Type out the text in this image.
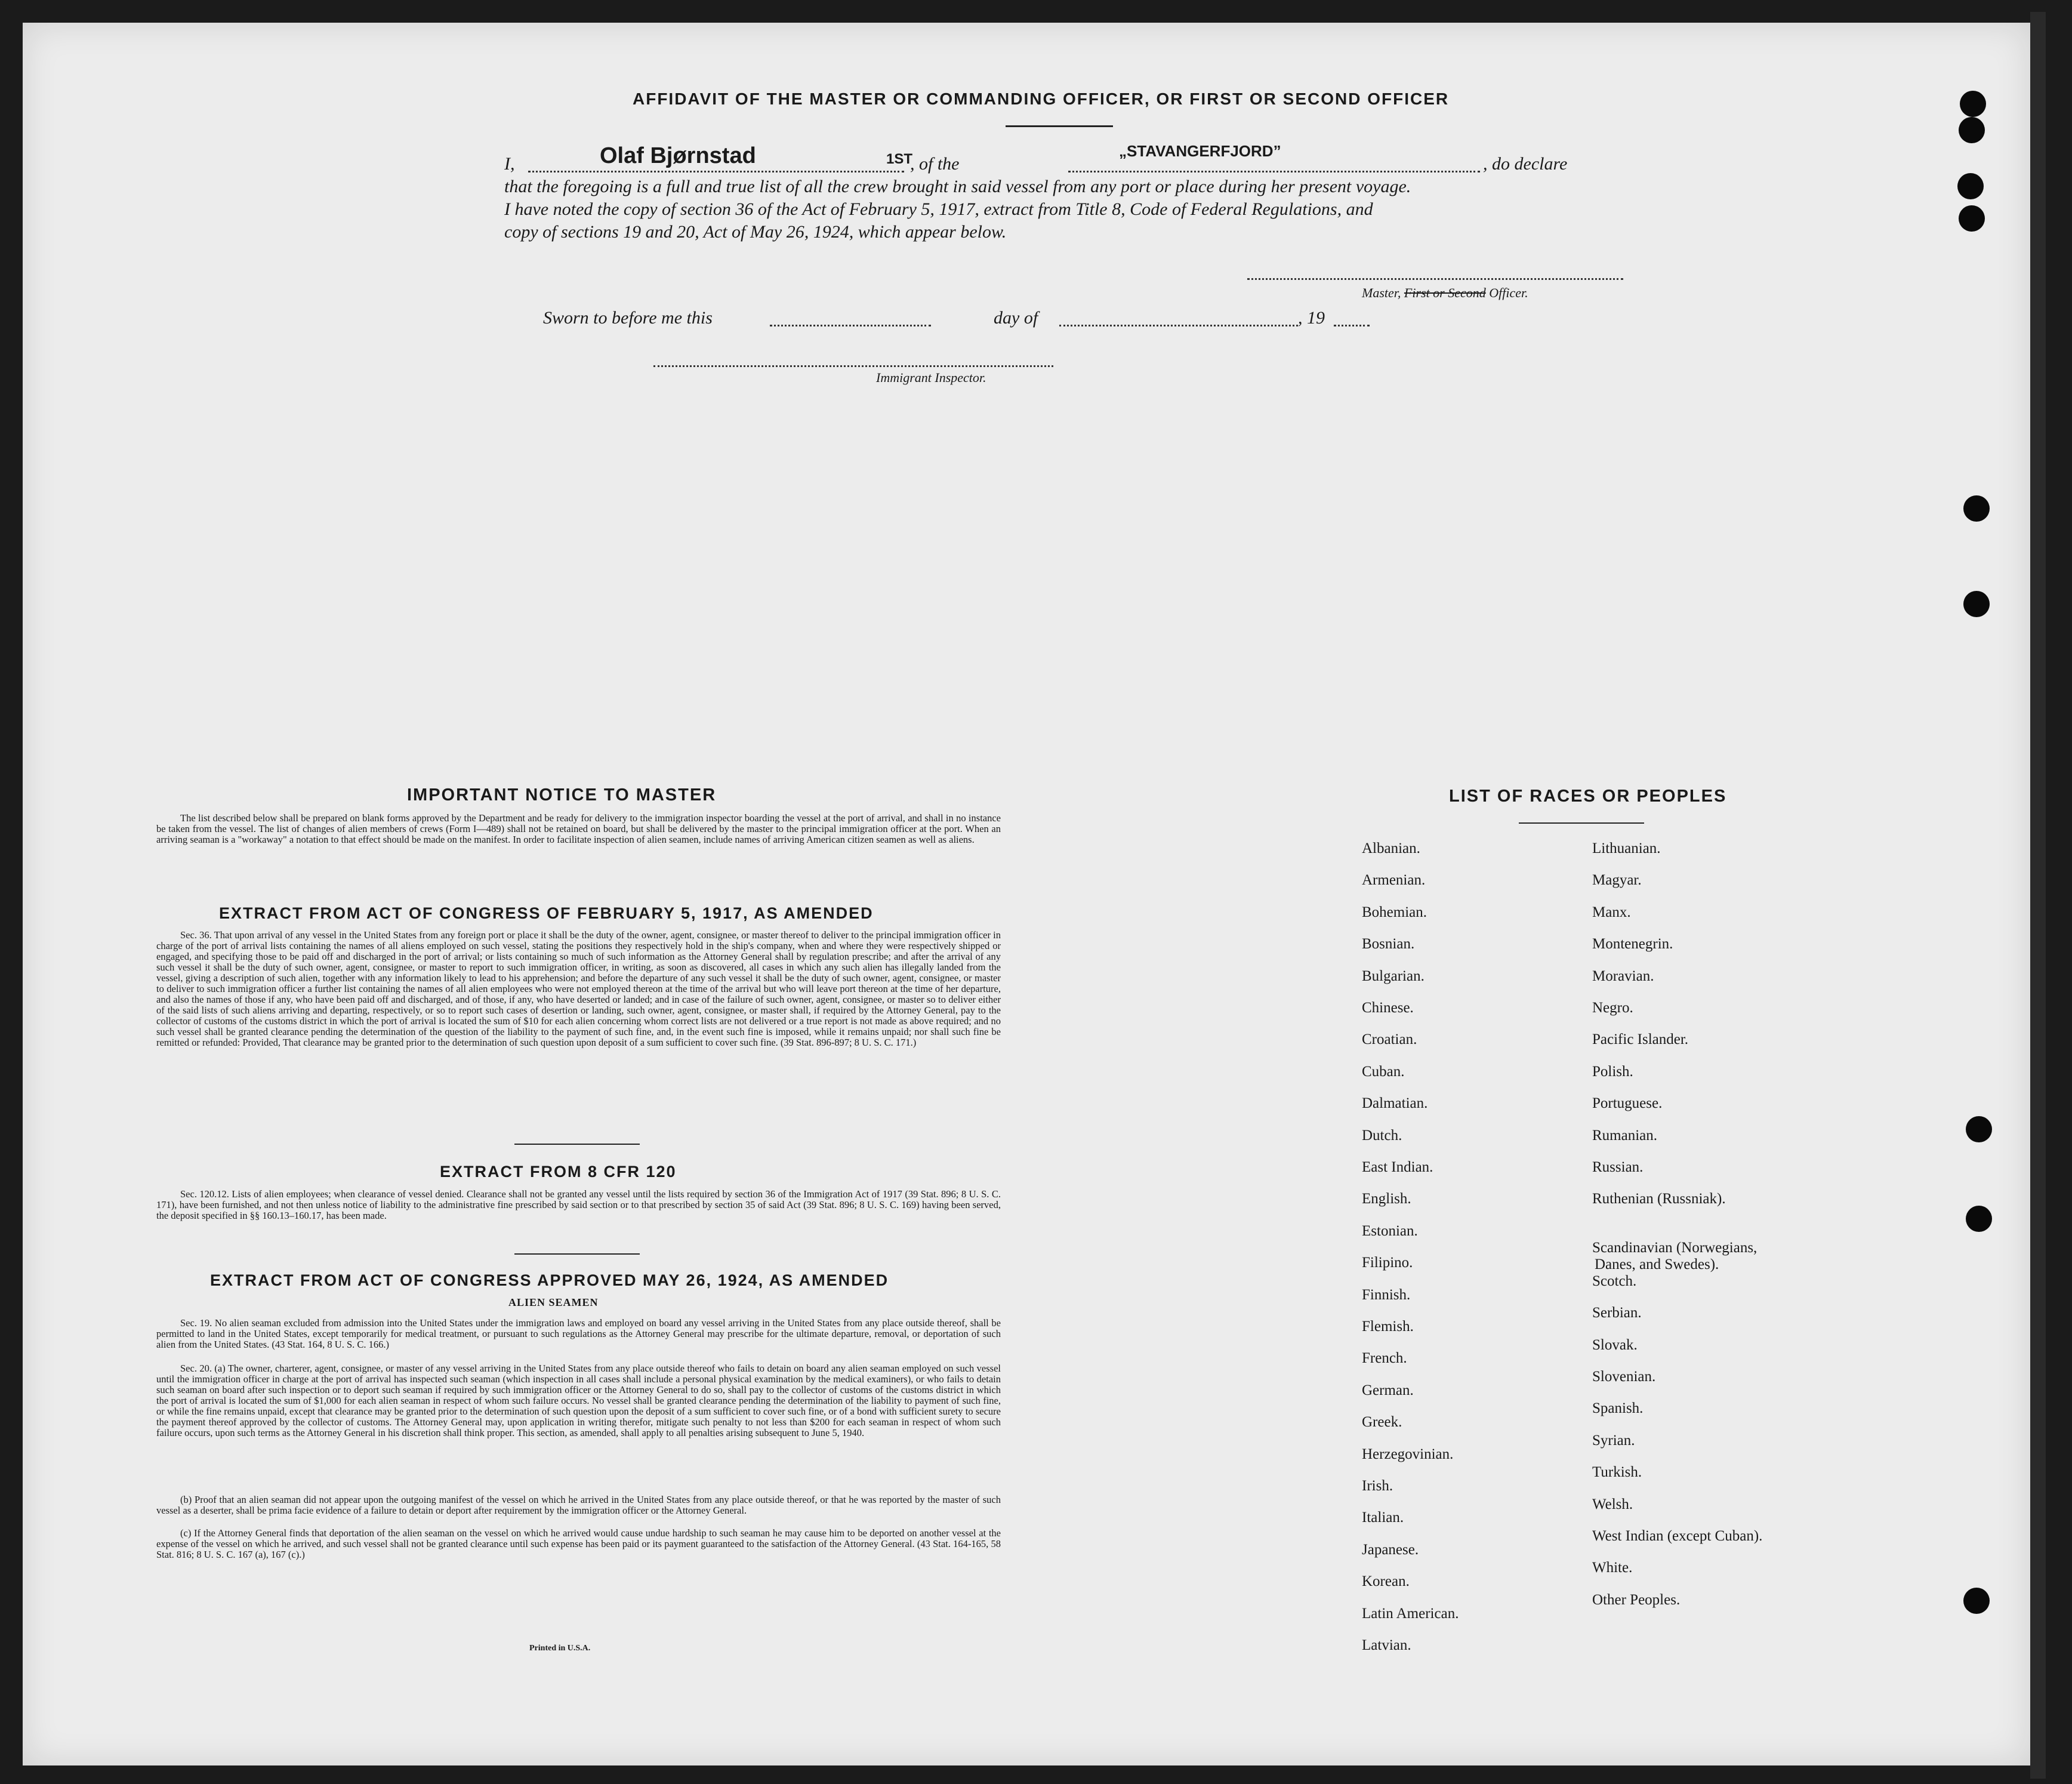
AFFIDAVIT OF THE MASTER OR COMMANDING OFFICER, OR FIRST OR SECOND OFFICER
I,	Olaf Bjørnstad	1ST
, of the
„STAVANGERFJORD”
, do declare
that the foregoing is a full and true list of all the crew brought in said vessel from any port or place during her present voyage.
I have noted the copy of section 36 of the Act of February 5, 1917, extract from Title 8, Code of Federal Regulations, and
copy of sections 19 and 20, Act of May 26, 1924, which appear below.
Master, First or Second Officer.
Sworn to before me this	day of	, 19
Immigrant Inspector.
IMPORTANT NOTICE TO MASTER
The list described below shall be prepared on blank forms approved by the Department and be ready for delivery to the immigration inspector boarding the vessel at the port of arrival, and shall in no instance be taken from the vessel. The list of changes of alien members of crews (Form I—489) shall not be retained on board, but shall be delivered by the master to the principal immigration officer at the port. When an arriving seaman is a "workaway" a notation to that effect should be made on the manifest. In order to facilitate inspection of alien seamen, include names of arriving American citizen seamen as well as aliens.
EXTRACT FROM ACT OF CONGRESS OF FEBRUARY 5, 1917, AS AMENDED
Sec. 36. That upon arrival of any vessel in the United States from any foreign port or place it shall be the duty of the owner, agent, consignee, or master thereof to deliver to the principal immigration officer in charge of the port of arrival lists containing the names of all aliens employed on such vessel, stating the positions they respectively hold in the ship's company, when and where they were respectively shipped or engaged, and specifying those to be paid off and discharged in the port of arrival; or lists containing so much of such information as the Attorney General shall by regulation prescribe; and after the arrival of any such vessel it shall be the duty of such owner, agent, consignee, or master to report to such immigration officer, in writing, as soon as discovered, all cases in which any such alien has illegally landed from the vessel, giving a description of such alien, together with any information likely to lead to his apprehension; and before the departure of any such vessel it shall be the duty of such owner, agent, consignee, or master to deliver to such immigration officer a further list containing the names of all alien employees who were not employed thereon at the time of the arrival but who will leave port thereon at the time of her departure, and also the names of those if any, who have been paid off and discharged, and of those, if any, who have deserted or landed; and in case of the failure of such owner, agent, consignee, or master so to deliver either of the said lists of such aliens arriving and departing, respectively, or so to report such cases of desertion or landing, such owner, agent, consignee, or master shall, if required by the Attorney General, pay to the collector of customs of the customs district in which the port of arrival is located the sum of $10 for each alien concerning whom correct lists are not delivered or a true report is not made as above required; and no such vessel shall be granted clearance pending the determination of the question of the liability to the payment of such fine, and, in the event such fine is imposed, while it remains unpaid; nor shall such fine be remitted or refunded: Provided, That clearance may be granted prior to the determination of such question upon deposit of a sum sufficient to cover such fine. (39 Stat. 896-897; 8 U. S. C. 171.)
EXTRACT FROM 8 CFR 120
Sec. 120.12. Lists of alien employees; when clearance of vessel denied. Clearance shall not be granted any vessel until the lists required by section 36 of the Immigration Act of 1917 (39 Stat. 896; 8 U. S. C. 171), have been furnished, and not then unless notice of liability to the administrative fine prescribed by said section or to that prescribed by section 35 of said Act (39 Stat. 896; 8 U. S. C. 169) having been served, the deposit specified in §§ 160.13–160.17, has been made.
EXTRACT FROM ACT OF CONGRESS APPROVED MAY 26, 1924, AS AMENDED
ALIEN SEAMEN
Sec. 19. No alien seaman excluded from admission into the United States under the immigration laws and employed on board any vessel arriving in the United States from any place outside thereof, shall be permitted to land in the United States, except temporarily for medical treatment, or pursuant to such regulations as the Attorney General may prescribe for the ultimate departure, removal, or deportation of such alien from the United States. (43 Stat. 164, 8 U. S. C. 166.)
Sec. 20. (a) The owner, charterer, agent, consignee, or master of any vessel arriving in the United States from any place outside thereof who fails to detain on board any alien seaman employed on such vessel until the immigration officer in charge at the port of arrival has inspected such seaman (which inspection in all cases shall include a personal physical examination by the medical examiners), or who fails to detain such seaman on board after such inspection or to deport such seaman if required by such immigration officer or the Attorney General to do so, shall pay to the collector of customs of the customs district in which the port of arrival is located the sum of $1,000 for each alien seaman in respect of whom such failure occurs. No vessel shall be granted clearance pending the determination of the liability to payment of such fine, or while the fine remains unpaid, except that clearance may be granted prior to the determination of such question upon the deposit of a sum sufficient to cover such fine, or of a bond with sufficient surety to secure the payment thereof approved by the collector of customs. The Attorney General may, upon application in writing therefor, mitigate such penalty to not less than $200 for each seaman in respect of whom such failure occurs, upon such terms as the Attorney General in his discretion shall think proper. This section, as amended, shall apply to all penalties arising subsequent to June 5, 1940.
(b) Proof that an alien seaman did not appear upon the outgoing manifest of the vessel on which he arrived in the United States from any place outside thereof, or that he was reported by the master of such vessel as a deserter, shall be prima facie evidence of a failure to detain or deport after requirement by the immigration officer or the Attorney General.
(c) If the Attorney General finds that deportation of the alien seaman on the vessel on which he arrived would cause undue hardship to such seaman he may cause him to be deported on another vessel at the expense of the vessel on which he arrived, and such vessel shall not be granted clearance until such expense has been paid or its payment guaranteed to the satisfaction of the Attorney General. (43 Stat. 164-165, 58 Stat. 816; 8 U. S. C. 167 (a), 167 (c).)
Printed in U.S.A.
LIST OF RACES OR PEOPLES
Albanian.
Armenian.
Bohemian.
Bosnian.
Bulgarian.
Chinese.
Croatian.
Cuban.
Dalmatian.
Dutch.
East Indian.
English.
Estonian.
Filipino.
Finnish.
Flemish.
French.
German.
Greek.
Herzegovinian.
Irish.
Italian.
Japanese.
Korean.
Latin American.
Latvian.
Lithuanian.
Magyar.
Manx.
Montenegrin.
Moravian.
Negro.
Pacific Islander.
Polish.
Portuguese.
Rumanian.
Russian.
Ruthenian (Russniak).
Scandinavian (Norwegians,
Danes, and Swedes).
Scotch.
Serbian.
Slovak.
Slovenian.
Spanish.
Syrian.
Turkish.
Welsh.
West Indian (except Cuban).
White.
Other Peoples.
